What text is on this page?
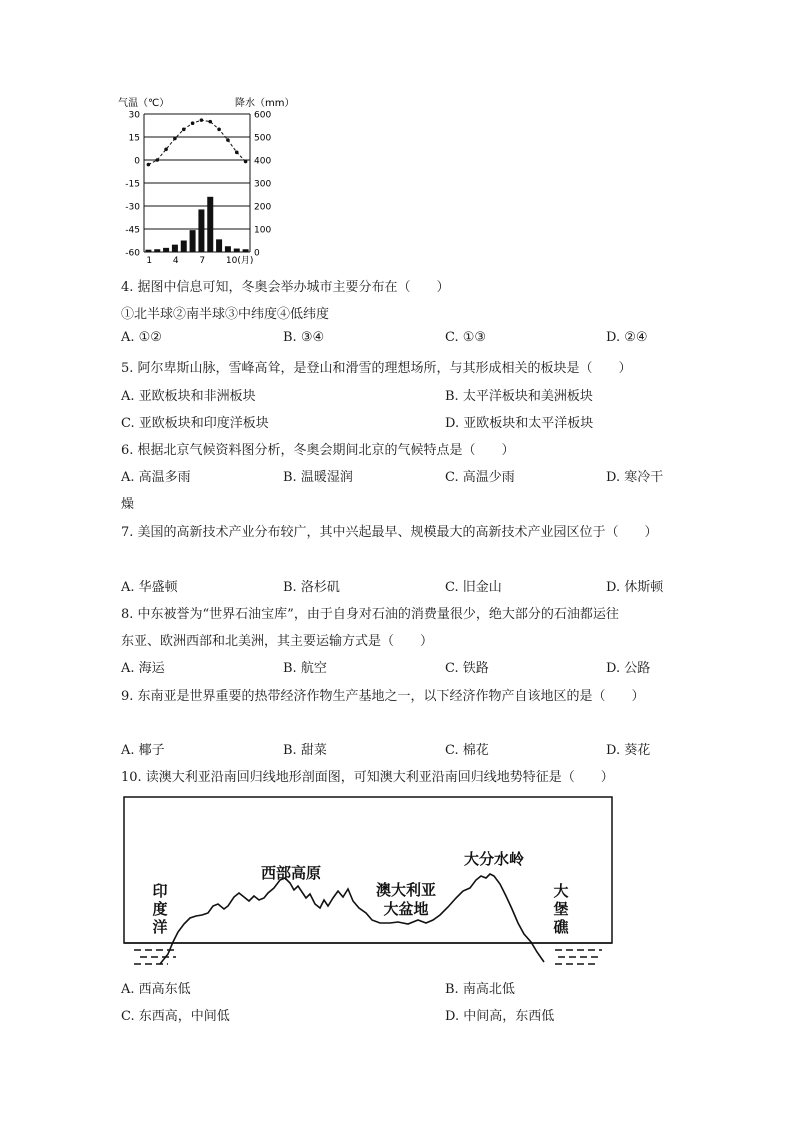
气温（℃）	降水（mm）
30
15
0
-15
-30
-45
-60
600
500
400
300
200
100
0
1 4 7 10(月)
4. 据图中信息可知，冬奥会举办城市主要分布在（　　）
①北半球②南半球③中纬度④低纬度
A. ①②	B. ③④	C. ①③	D. ②④
5. 阿尔卑斯山脉，雪峰高耸，是登山和滑雪的理想场所，与其形成相关的板块是（　　）
A. 亚欧板块和非洲板块	B. 太平洋板块和美洲板块
C. 亚欧板块和印度洋板块	D. 亚欧板块和太平洋板块
6. 根据北京气候资料图分析，冬奥会期间北京的气候特点是（　　）
A. 高温多雨	B. 温暖湿润	C. 高温少雨	D. 寒冷干
燥
7. 美国的高新技术产业分布较广，其中兴起最早、规模最大的高新技术产业园区位于（　　）
A. 华盛顿	B. 洛杉矶	C. 旧金山	D. 休斯顿
8. 中东被誉为“世界石油宝库”，由于自身对石油的消费量很少，绝大部分的石油都运往
东亚、欧洲西部和北美洲，其主要运输方式是（　　）
A. 海运	B. 航空	C. 铁路	D. 公路
9. 东南亚是世界重要的热带经济作物生产基地之一，以下经济作物产自该地区的是（　　）
A. 椰子	B. 甜菜	C. 棉花	D. 葵花
10. 读澳大利亚沿南回归线地形剖面图，可知澳大利亚沿南回归线地势特征是（　　）
印
度
洋
西部高原
澳大利亚
大盆地
大分水岭
大
堡
礁
A. 西高东低	B. 南高北低
C. 东西高，中间低	D. 中间高，东西低
